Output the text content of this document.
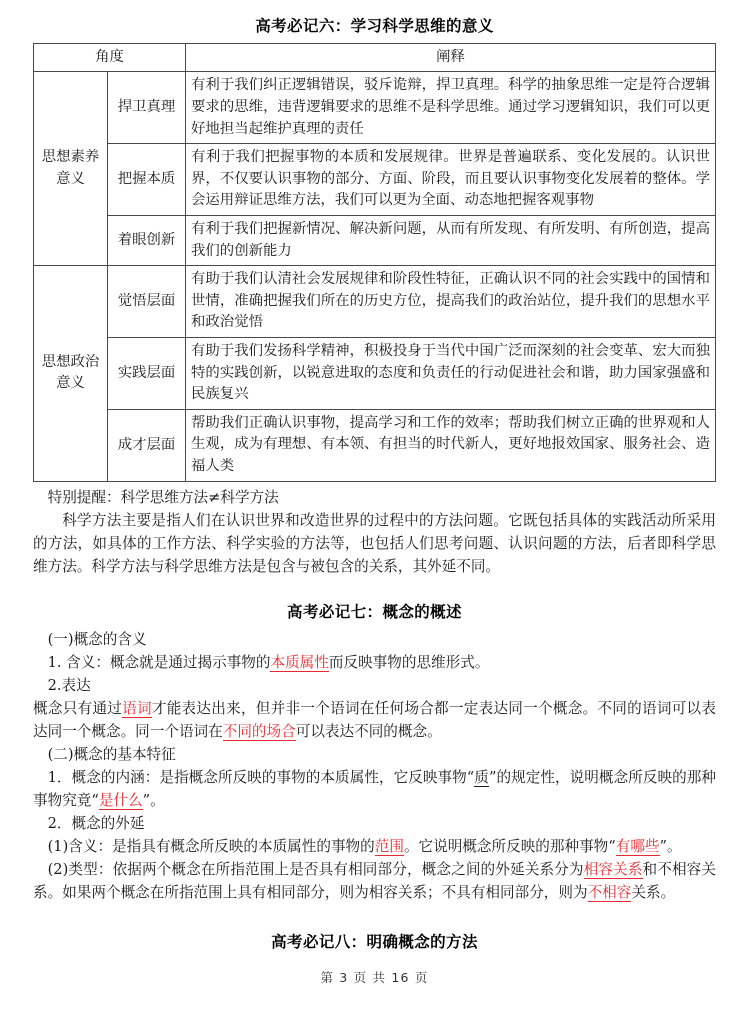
高考必记六：学习科学思维的意义
角度		阐释
思想素养
意义	捍卫真理	有利于我们纠正逻辑错误，驳斥诡辩，捍卫真理。科学的抽象思维一定是符合逻辑要求的思维，违背逻辑要求的思维不是科学思维。通过学习逻辑知识，我们可以更好地担当起维护真理的责任
	把握本质	有利于我们把握事物的本质和发展规律。世界是普遍联系、变化发展的。认识世界，不仅要认识事物的部分、方面、阶段，而且要认识事物变化发展着的整体。学会运用辩证思维方法，我们可以更为全面、动态地把握客观事物
	着眼创新	有利于我们把握新情况、解决新问题，从而有所发现、有所发明、有所创造，提高我们的创新能力
思想政治
意义	觉悟层面	有助于我们认清社会发展规律和阶段性特征，正确认识不同的社会实践中的国情和世情，准确把握我们所在的历史方位，提高我们的政治站位，提升我们的思想水平和政治觉悟
	实践层面	有助于我们发扬科学精神，积极投身于当代中国广泛而深刻的社会变革、宏大而独特的实践创新，以锐意进取的态度和负责任的行动促进社会和谐，助力国家强盛和民族复兴
	成才层面	帮助我们正确认识事物，提高学习和工作的效率；帮助我们树立正确的世界观和人生观，成为有理想、有本领、有担当的时代新人，更好地报效国家、服务社会、造福人类

特别提醒：科学思维方法≠科学方法

科学方法主要是指人们在认识世界和改造世界的过程中的方法问题。它既包括具体的实践活动所采用的方法，如具体的工作方法、科学实验的方法等，也包括人们思考问题、认识问题的方法，后者即科学思维方法。科学方法与科学思维方法是包含与被包含的关系，其外延不同。

高考必记七：概念的概述

(一)概念的含义

1. 含义：概念就是通过揭示事物的本质属性而反映事物的思维形式。

2.表达

概念只有通过语词才能表达出来，但并非一个语词在任何场合都一定表达同一个概念。不同的语词可以表达同一个概念。同一个语词在不同的场合可以表达不同的概念。

(二)概念的基本特征

1．概念的内涵：是指概念所反映的事物的本质属性，它反映事物“质”的规定性，说明概念所反映的那种事物究竟“是什么”。

2．概念的外延

(1)含义：是指具有概念所反映的本质属性的事物的范围。它说明概念所反映的那种事物“有哪些”。

(2)类型：依据两个概念在所指范围上是否具有相同部分，概念之间的外延关系分为相容关系和不相容关系。如果两个概念在所指范围上具有相同部分，则为相容关系；不具有相同部分，则为不相容关系。

高考必记八：明确概念的方法
第 3 页 共 16 页
